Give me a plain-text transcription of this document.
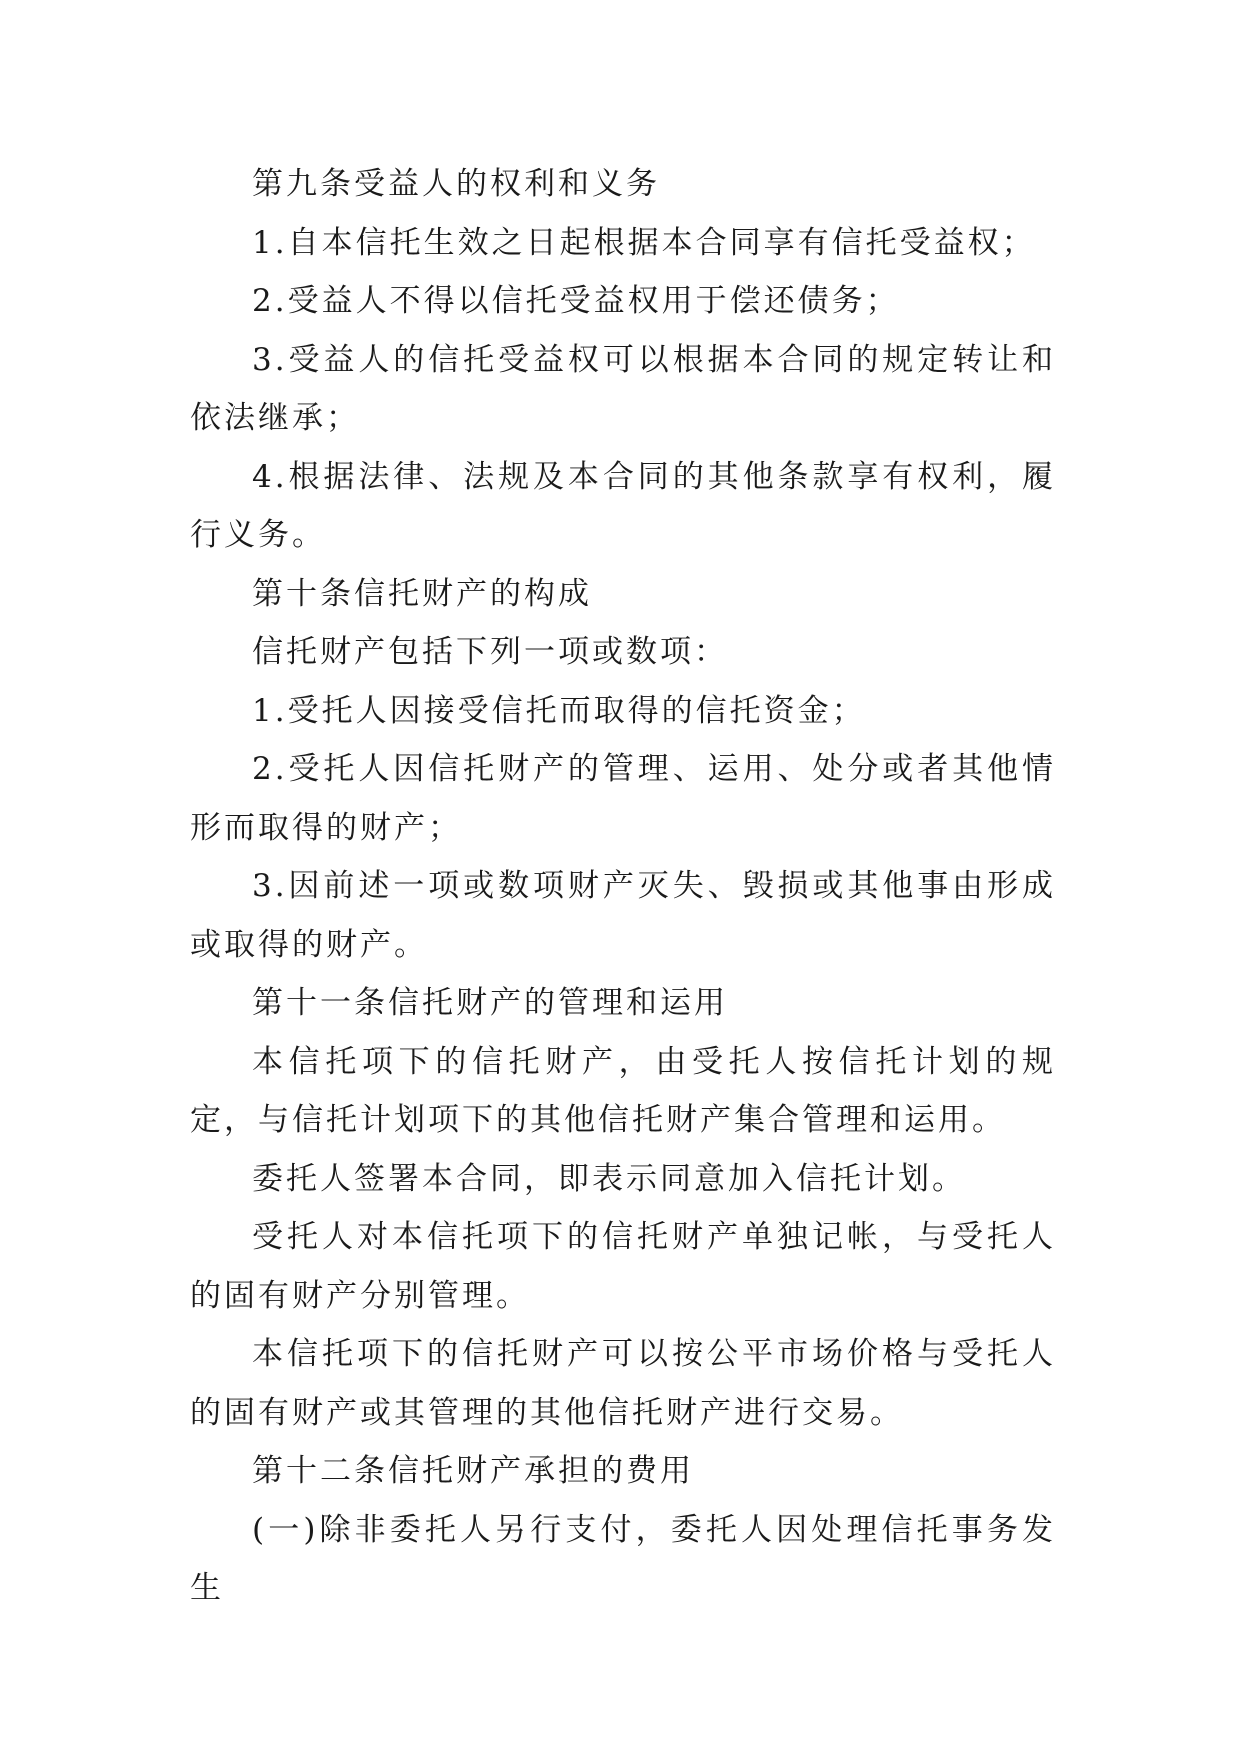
第九条受益人的权利和义务

1.自本信托生效之日起根据本合同享有信托受益权；

2.受益人不得以信托受益权用于偿还债务；

3.受益人的信托受益权可以根据本合同的规定转让和依法继承；

4.根据法律、法规及本合同的其他条款享有权利，履行义务。

第十条信托财产的构成

信托财产包括下列一项或数项：

1.受托人因接受信托而取得的信托资金；

2.受托人因信托财产的管理、运用、处分或者其他情形而取得的财产；

3.因前述一项或数项财产灭失、毁损或其他事由形成或取得的财产。

第十一条信托财产的管理和运用

本信托项下的信托财产，由受托人按信托计划的规定，与信托计划项下的其他信托财产集合管理和运用。

委托人签署本合同，即表示同意加入信托计划。

受托人对本信托项下的信托财产单独记帐，与受托人的固有财产分别管理。

本信托项下的信托财产可以按公平市场价格与受托人的固有财产或其管理的其他信托财产进行交易。

第十二条信托财产承担的费用

(一)除非委托人另行支付，委托人因处理信托事务发生
